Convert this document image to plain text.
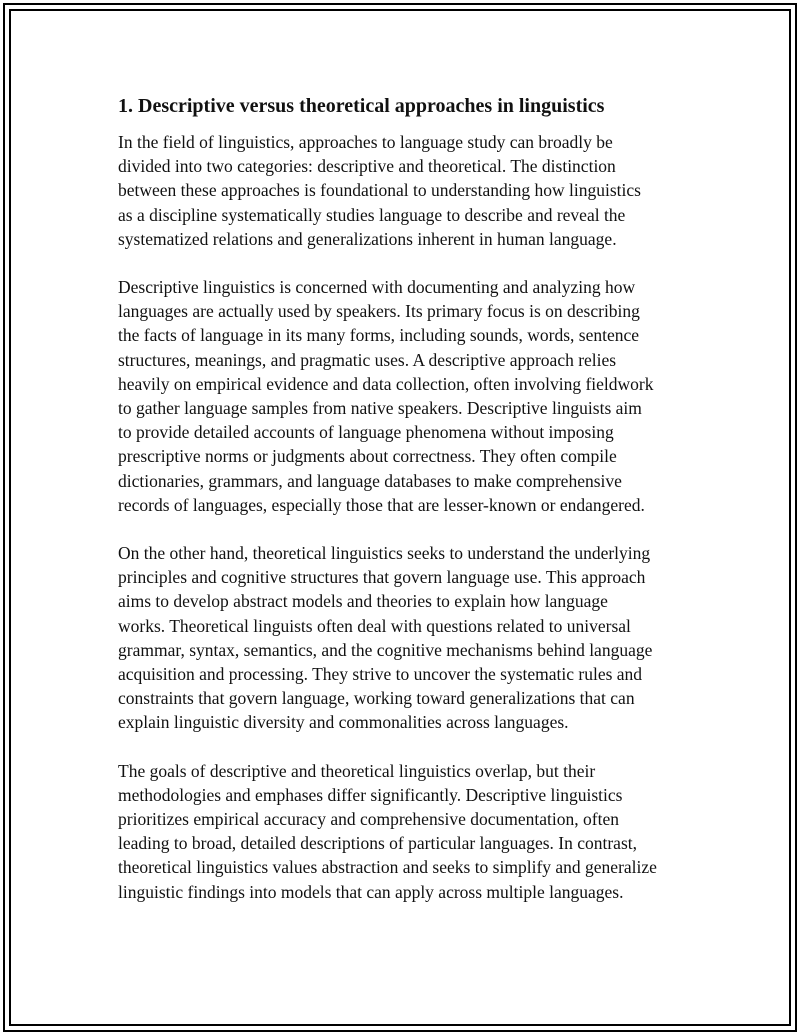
1. Descriptive versus theoretical approaches in linguistics

In the field of linguistics, approaches to language study can broadly be
divided into two categories: descriptive and theoretical. The distinction
between these approaches is foundational to understanding how linguistics
as a discipline systematically studies language to describe and reveal the
systematized relations and generalizations inherent in human language.

Descriptive linguistics is concerned with documenting and analyzing how
languages are actually used by speakers. Its primary focus is on describing
the facts of language in its many forms, including sounds, words, sentence
structures, meanings, and pragmatic uses. A descriptive approach relies
heavily on empirical evidence and data collection, often involving fieldwork
to gather language samples from native speakers. Descriptive linguists aim
to provide detailed accounts of language phenomena without imposing
prescriptive norms or judgments about correctness. They often compile
dictionaries, grammars, and language databases to make comprehensive
records of languages, especially those that are lesser-known or endangered.

On the other hand, theoretical linguistics seeks to understand the underlying
principles and cognitive structures that govern language use. This approach
aims to develop abstract models and theories to explain how language
works. Theoretical linguists often deal with questions related to universal
grammar, syntax, semantics, and the cognitive mechanisms behind language
acquisition and processing. They strive to uncover the systematic rules and
constraints that govern language, working toward generalizations that can
explain linguistic diversity and commonalities across languages.

The goals of descriptive and theoretical linguistics overlap, but their
methodologies and emphases differ significantly. Descriptive linguistics
prioritizes empirical accuracy and comprehensive documentation, often
leading to broad, detailed descriptions of particular languages. In contrast,
theoretical linguistics values abstraction and seeks to simplify and generalize
linguistic findings into models that can apply across multiple languages.
